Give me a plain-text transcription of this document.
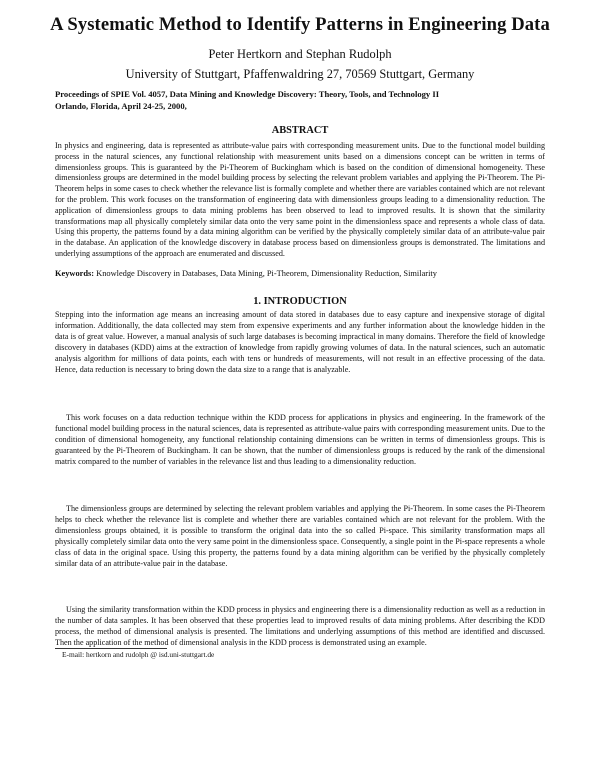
A Systematic Method to Identify Patterns in Engineering Data
Peter Hertkorn and Stephan Rudolph
University of Stuttgart, Pfaffenwaldring 27, 70569 Stuttgart, Germany
Proceedings of SPIE Vol. 4057, Data Mining and Knowledge Discovery: Theory, Tools, and Technology II
Orlando, Florida, April 24-25, 2000,
ABSTRACT

In physics and engineering, data is represented as attribute-value pairs with corresponding measurement units. Due to the functional model building process in the natural sciences, any functional relationship with measurement units based on a dimensions concept can be written in terms of dimensionless groups. This is guaranteed by the Pi-Theorem of Buckingham which is based on the condition of dimensional homogeneity. These dimensionless groups are determined in the model building process by selecting the relevant problem variables and applying the Pi-Theorem. The Pi-Theorem helps in some cases to check whether the relevance list is formally complete and whether there are variables contained which are not relevant for the problem. This work focuses on the transformation of engineering data with dimensionless groups leading to a dimensionality reduction. The application of dimensionless groups to data mining problems has been observed to lead to improved results. It is shown that the similarity transformations map all physically completely similar data onto the very same point in the dimensionless space and represents a whole class of data. Using this property, the patterns found by a data mining algorithm can be verified by the physically completely similar data of an attribute-value pair in the database. An application of the knowledge discovery in database process based on dimensionless groups is demonstrated. The limitations and underlying assumptions of the approach are enumerated and discussed.

Keywords: Knowledge Discovery in Databases, Data Mining, Pi-Theorem, Dimensionality Reduction, Similarity

1. INTRODUCTION

Stepping into the information age means an increasing amount of data stored in databases due to easy capture and inexpensive storage of digital information. Additionally, the data collected may stem from expensive experiments and any further information about the knowledge hidden in the data is of great value. However, a manual analysis of such large databases is becoming impractical in many domains. Therefore the field of knowledge discovery in databases (KDD) aims at the extraction of knowledge from rapidly growing volumes of data. In the natural sciences, such an automatic analysis algorithm for millions of data points, each with tens or hundreds of measurements, will not result in an effective processing of the data. Hence, data reduction is necessary to bring down the data size to a range that is analyzable.

This work focuses on a data reduction technique within the KDD process for applications in physics and engineering. In the framework of the functional model building process in the natural sciences, data is represented as attribute-value pairs with corresponding measurement units. Due to the condition of dimensional homogeneity, any functional relationship containing dimensions can be written in terms of dimensionless groups. This is guaranteed by the Pi-Theorem of Buckingham. It can be shown, that the number of dimensionless groups is reduced by the rank of the dimensional matrix compared to the number of variables in the relevance list and thus leading to a dimensionality reduction.

The dimensionless groups are determined by selecting the relevant problem variables and applying the Pi-Theorem. In some cases the Pi-Theorem helps to check whether the relevance list is complete and whether there are variables contained which are not relevant for the problem. With the dimensionless groups obtained, it is possible to transform the original data into the so called Pi-space. This similarity transformation maps all physically completely similar data onto the very same point in the dimensionless space. Consequently, a single point in the Pi-space represents a whole class of data in the original space. Using this property, the patterns found by a data mining algorithm can be verified by the physically completely similar data of an attribute-value pair in the database.

Using the similarity transformation within the KDD process in physics and engineering there is a dimensionality reduction as well as a reduction in the number of data samples. It has been observed that these properties lead to improved results of data mining problems. After describing the KDD process, the method of dimensional analysis is presented. The limitations and underlying assumptions of this method are identified and discussed. Then the application of the method of dimensional analysis in the KDD process is demonstrated using an example.

E-mail: hertkorn and rudolph @ isd.uni-stuttgart.de
